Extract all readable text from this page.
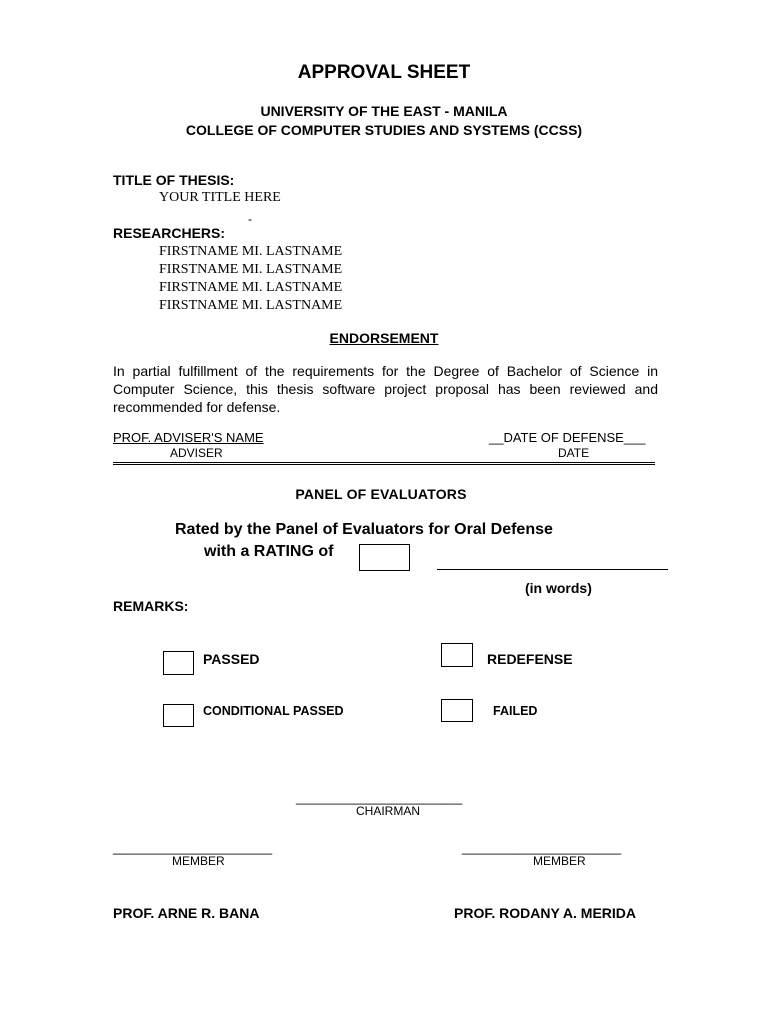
APPROVAL SHEET
UNIVERSITY OF THE EAST - MANILA
COLLEGE OF COMPUTER STUDIES AND SYSTEMS (CCSS)
TITLE OF THESIS:
YOUR TITLE HERE
-
RESEARCHERS:
FIRSTNAME MI. LASTNAME
FIRSTNAME MI. LASTNAME
FIRSTNAME MI. LASTNAME
FIRSTNAME MI. LASTNAME
ENDORSEMENT
In partial fulfillment of the requirements for the Degree of Bachelor of Science in
Computer Science, this thesis software project proposal has been reviewed and
recommended for defense.
PROF. ADVISER'S NAME	__DATE OF DEFENSE___
ADVISER	DATE
PANEL OF EVALUATORS
Rated by the Panel of Evaluators for Oral Defense
with a RATING of
(in words)
REMARKS:
PASSED	REDEFENSE
CONDITIONAL PASSED	FAILED
_______________________
CHAIRMAN
______________________
MEMBER
______________________
MEMBER
PROF. ARNE R. BANA	PROF. RODANY A. MERIDA
